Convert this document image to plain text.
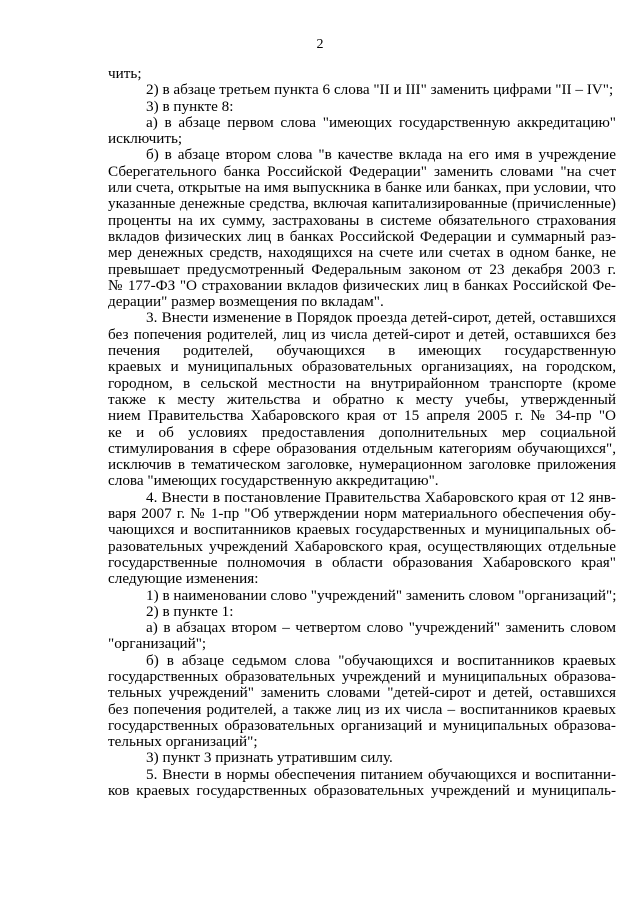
2
чить;
2) в абзаце третьем пункта 6 слова "II и III" заменить цифрами "II – IV";
3) в пункте 8:
а) в абзаце первом слова "имеющих государственную аккредитацию"
исключить;
б) в абзаце втором слова "в качестве вклада на его имя в учреждение
Сберегательного банка Российской Федерации" заменить словами "на счет
или счета, открытые на имя выпускника в банке или банках, при условии, что
указанные денежные средства, включая капитализированные (причисленные)
проценты на их сумму, застрахованы в системе обязательного страхования
вкладов физических лиц в банках Российской Федерации и суммарный раз-
мер денежных средств, находящихся на счете или счетах в одном банке, не
превышает предусмотренный Федеральным законом от 23 декабря 2003 г.
№ 177-ФЗ "О страховании вкладов физических лиц в банках Российской Фе-
дерации" размер возмещения по вкладам".
3. Внести изменение в Порядок проезда детей-сирот, детей, оставшихся
без попечения родителей, лиц из числа детей-сирот и детей, оставшихся без
печения родителей, обучающихся в имеющих государственную
краевых и муниципальных образовательных организациях, на городском,
городном, в сельской местности на внутрирайонном транспорте (кроме
также к месту жительства и обратно к месту учебы, утвержденный
нием Правительства Хабаровского края от 15 апреля 2005 г. № 34-пр "О
ке и об условиях предоставления дополнительных мер социальной
стимулирования в сфере образования отдельным категориям обучающихся",
исключив в тематическом заголовке, нумерационном заголовке приложения
слова "имеющих государственную аккредитацию".
4. Внести в постановление Правительства Хабаровского края от 12 янв-
варя 2007 г. № 1-пр "Об утверждении норм материального обеспечения обу-
чающихся и воспитанников краевых государственных и муниципальных об-
разовательных учреждений Хабаровского края, осуществляющих отдельные
государственные полномочия в области образования Хабаровского края"
следующие изменения:
1) в наименовании слово "учреждений" заменить словом "организаций";
2) в пункте 1:
а) в абзацах втором – четвертом слово "учреждений" заменить словом
"организаций";
б) в абзаце седьмом слова "обучающихся и воспитанников краевых
государственных образовательных учреждений и муниципальных образова-
тельных учреждений" заменить словами "детей-сирот и детей, оставшихся
без попечения родителей, а также лиц из их числа – воспитанников краевых
государственных образовательных организаций и муниципальных образова-
тельных организаций";
3) пункт 3 признать утратившим силу.
5. Внести в нормы обеспечения питанием обучающихся и воспитанни-
ков краевых государственных образовательных учреждений и муниципаль-
